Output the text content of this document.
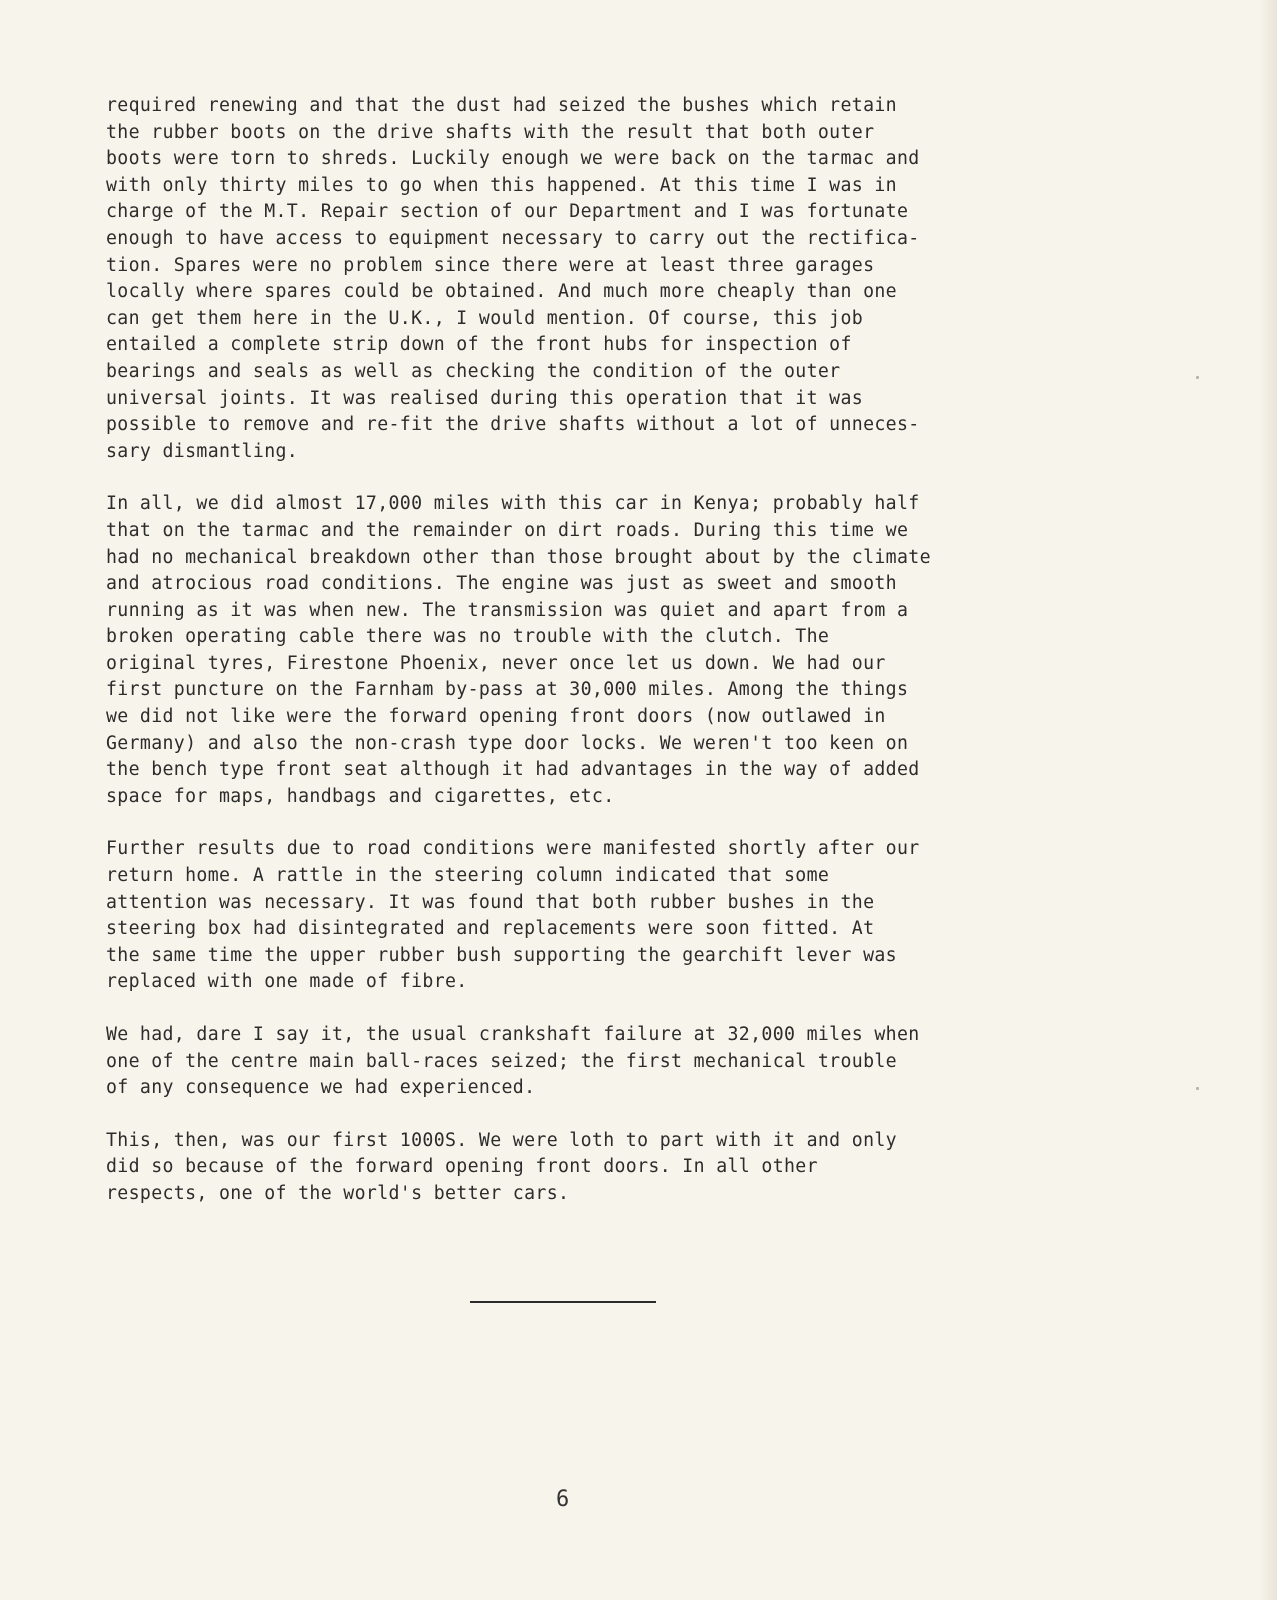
required renewing and that the dust had seized the bushes which retain
the rubber boots on the drive shafts with the result that both outer
boots were torn to shreds. Luckily enough we were back on the tarmac and
with only thirty miles to go when this happened. At this time I was in
charge of the M.T. Repair section of our Department and I was fortunate
enough to have access to equipment necessary to carry out the rectifica-
tion. Spares were no problem since there were at least three garages
locally where spares could be obtained. And much more cheaply than one
can get them here in the U.K., I would mention. Of course, this job
entailed a complete strip down of the front hubs for inspection of
bearings and seals as well as checking the condition of the outer
universal joints. It was realised during this operation that it was
possible to remove and re-fit the drive shafts without a lot of unneces-
sary dismantling.
In all, we did almost 17,000 miles with this car in Kenya; probably half
that on the tarmac and the remainder on dirt roads. During this time we
had no mechanical breakdown other than those brought about by the climate
and atrocious road conditions. The engine was just as sweet and smooth
running as it was when new. The transmission was quiet and apart from a
broken operating cable there was no trouble with the clutch. The
original tyres, Firestone Phoenix, never once let us down. We had our
first puncture on the Farnham by-pass at 30,000 miles. Among the things
we did not like were the forward opening front doors (now outlawed in
Germany) and also the non-crash type door locks. We weren't too keen on
the bench type front seat although it had advantages in the way of added
space for maps, handbags and cigarettes, etc.
Further results due to road conditions were manifested shortly after our
return home. A rattle in the steering column indicated that some
attention was necessary. It was found that both rubber bushes in the
steering box had disintegrated and replacements were soon fitted. At
the same time the upper rubber bush supporting the gearchift lever was
replaced with one made of fibre.
We had, dare I say it, the usual crankshaft failure at 32,000 miles when
one of the centre main ball-races seized; the first mechanical trouble
of any consequence we had experienced.
This, then, was our first 1000S. We were loth to part with it and only
did so because of the forward opening front doors. In all other
respects, one of the world's better cars.
6
